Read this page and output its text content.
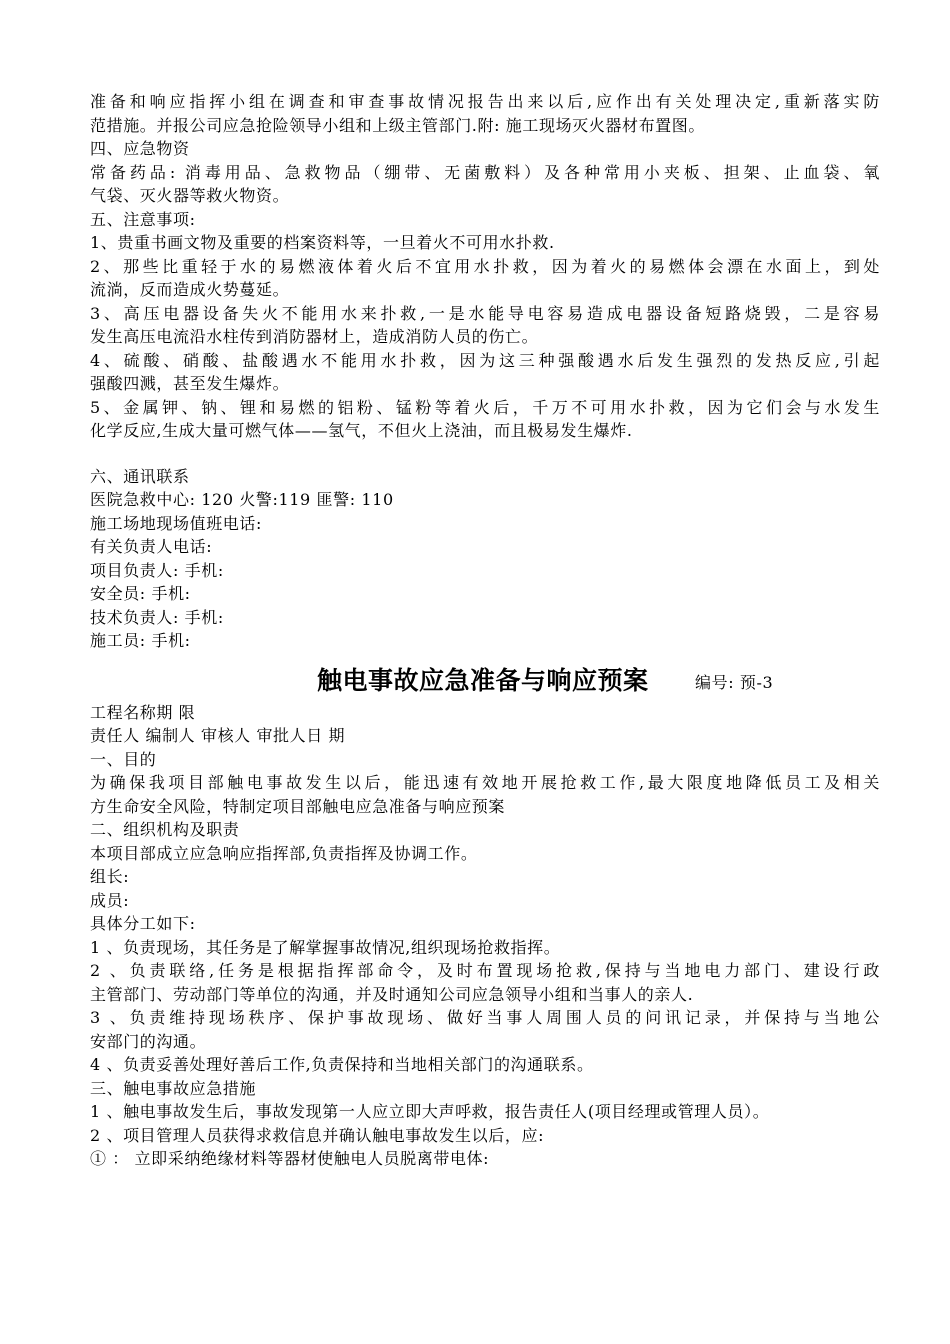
准备和响应指挥小组在调查和审查事故情况报告出来以后,应作出有关处理决定,重新落实防
范措施。并报公司应急抢险领导小组和上级主管部门.附: 施工现场灭火器材布置图。
四、应急物资
常备药品: 消毒用品、急救物品（绷带、无菌敷料）及各种常用小夹板、担架、止血袋、氧
气袋、灭火器等救火物资。
五、注意事项:
1、贵重书画文物及重要的档案资料等，一旦着火不可用水扑救.
2、那些比重轻于水的易燃液体着火后不宜用水扑救，因为着火的易燃体会漂在水面上，到处
流淌，反而造成火势蔓延。
3、高压电器设备失火不能用水来扑救,一是水能导电容易造成电器设备短路烧毁，二是容易
发生高压电流沿水柱传到消防器材上，造成消防人员的伤亡。
4、硫酸、硝酸、盐酸遇水不能用水扑救，因为这三种强酸遇水后发生强烈的发热反应,引起
强酸四溅，甚至发生爆炸。
5、金属钾、钠、锂和易燃的铝粉、锰粉等着火后，千万不可用水扑救，因为它们会与水发生
化学反应,生成大量可燃气体——氢气，不但火上浇油，而且极易发生爆炸.
六、通讯联系
医院急救中心: 120 火警:119 匪警: 110
施工场地现场值班电话:
有关负责人电话:
项目负责人: 手机:
安全员: 手机:
技术负责人: 手机:
施工员: 手机:
触电事故应急准备与响应预案	编号: 预-3
工程名称期 限
责任人 编制人 审核人 审批人日 期
一、目的
为确保我项目部触电事故发生以后，能迅速有效地开展抢救工作,最大限度地降低员工及相关
方生命安全风险，特制定项目部触电应急准备与响应预案
二、组织机构及职责
本项目部成立应急响应指挥部,负责指挥及协调工作。
组长:
成员:
具体分工如下:
1 、负责现场，其任务是了解掌握事故情况,组织现场抢救指挥。
2 、负责联络,任务是根据指挥部命令，及时布置现场抢救,保持与当地电力部门、建设行政
主管部门、劳动部门等单位的沟通，并及时通知公司应急领导小组和当事人的亲人.
3 、负责维持现场秩序、保护事故现场、做好当事人周围人员的问讯记录，并保持与当地公
安部门的沟通。
4 、负责妥善处理好善后工作,负责保持和当地相关部门的沟通联系。
三、触电事故应急措施
1 、触电事故发生后，事故发现第一人应立即大声呼救，报告责任人(项目经理或管理人员）。
2 、项目管理人员获得求救信息并确认触电事故发生以后，应:
① ： 立即采纳绝缘材料等器材使触电人员脱离带电体:
